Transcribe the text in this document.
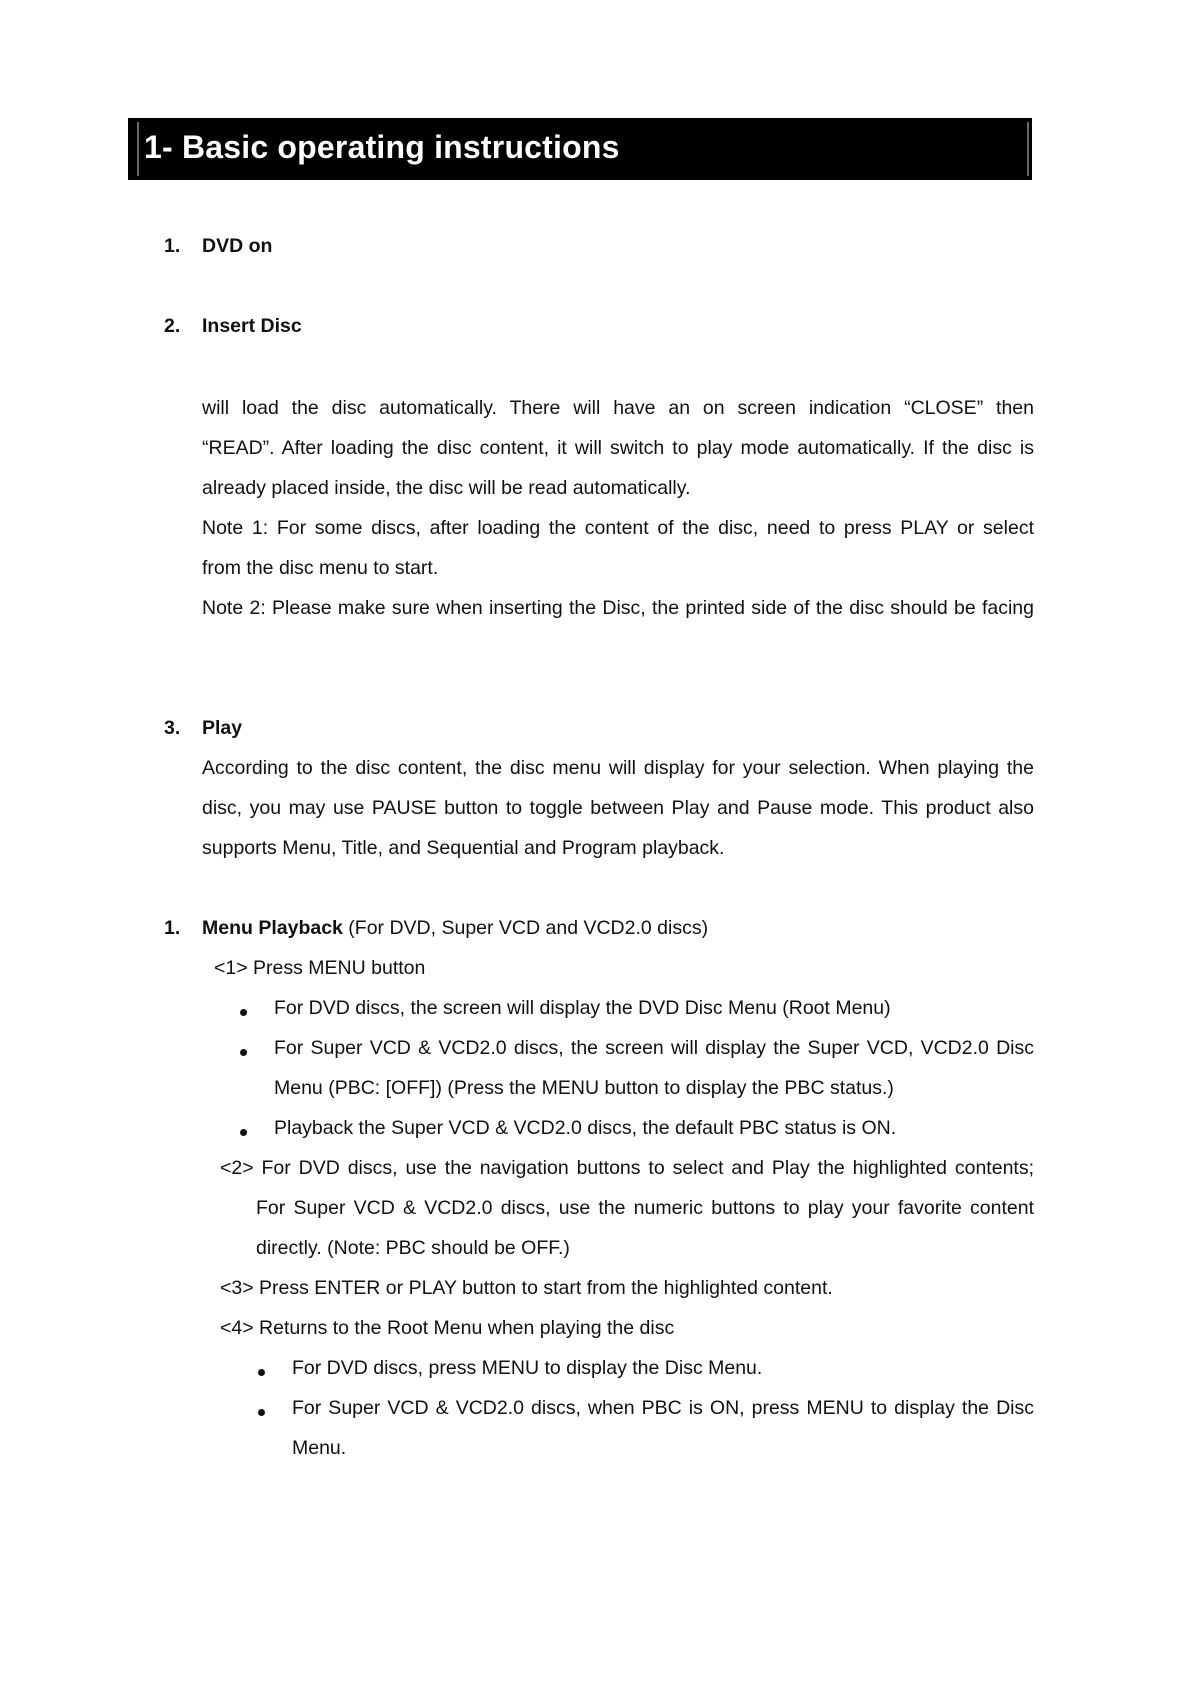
1- Basic operating instructions
1. DVD on
2. Insert Disc
will load the disc automatically. There will have an on screen indication “CLOSE” then
“READ”. After loading the disc content, it will switch to play mode automatically. If the disc is
already placed inside, the disc will be read automatically.
Note 1: For some discs, after loading the content of the disc, need to press PLAY or select
from the disc menu to start.
Note 2: Please make sure when inserting the Disc, the printed side of the disc should be facing
3. Play
According to the disc content, the disc menu will display for your selection. When playing the
disc, you may use PAUSE button to toggle between Play and Pause mode. This product also
supports Menu, Title, and Sequential and Program playback.
1. Menu Playback (For DVD, Super VCD and VCD2.0 discs)
<1> Press MENU button
For DVD discs, the screen will display the DVD Disc Menu (Root Menu)
For Super VCD & VCD2.0 discs, the screen will display the Super VCD, VCD2.0 Disc
Menu (PBC: [OFF]) (Press the MENU button to display the PBC status.)
Playback the Super VCD & VCD2.0 discs, the default PBC status is ON.
<2> For DVD discs, use the navigation buttons to select and Play the highlighted contents;
For Super VCD & VCD2.0 discs, use the numeric buttons to play your favorite content
directly. (Note: PBC should be OFF.)
<3> Press ENTER or PLAY button to start from the highlighted content.
<4> Returns to the Root Menu when playing the disc
For DVD discs, press MENU to display the Disc Menu.
For Super VCD & VCD2.0 discs, when PBC is ON, press MENU to display the Disc
Menu.
